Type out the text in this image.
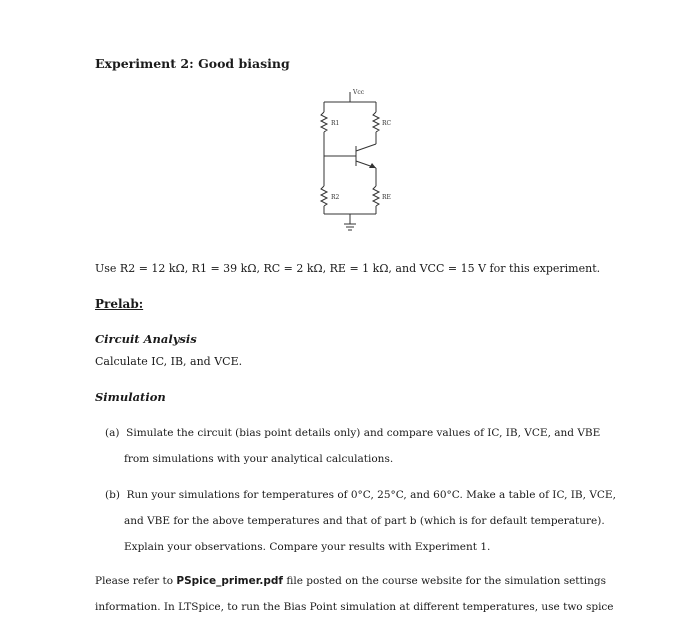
Experiment 2: Good biasing
Vcc
R1	RC
R2	RE
Use R2 = 12 kΩ, R1 = 39 kΩ, RC = 2 kΩ, RE = 1 kΩ, and VCC = 15 V for this experiment.
Prelab:
Circuit Analysis
Calculate IC, IB, and VCE.
Simulation
(a) Simulate the circuit (bias point details only) and compare values of IC, IB, VCE, and VBE
from simulations with your analytical calculations.
(b) Run your simulations for temperatures of 0°C, 25°C, and 60°C. Make a table of IC, IB, VCE,
and VBE for the above temperatures and that of part b (which is for default temperature).
Explain your observations. Compare your results with Experiment 1.
Please refer to PSpice_primer.pdf file posted on the course website for the simulation settings
information. In LTSpice, to run the Bias Point simulation at different temperatures, use two spice
